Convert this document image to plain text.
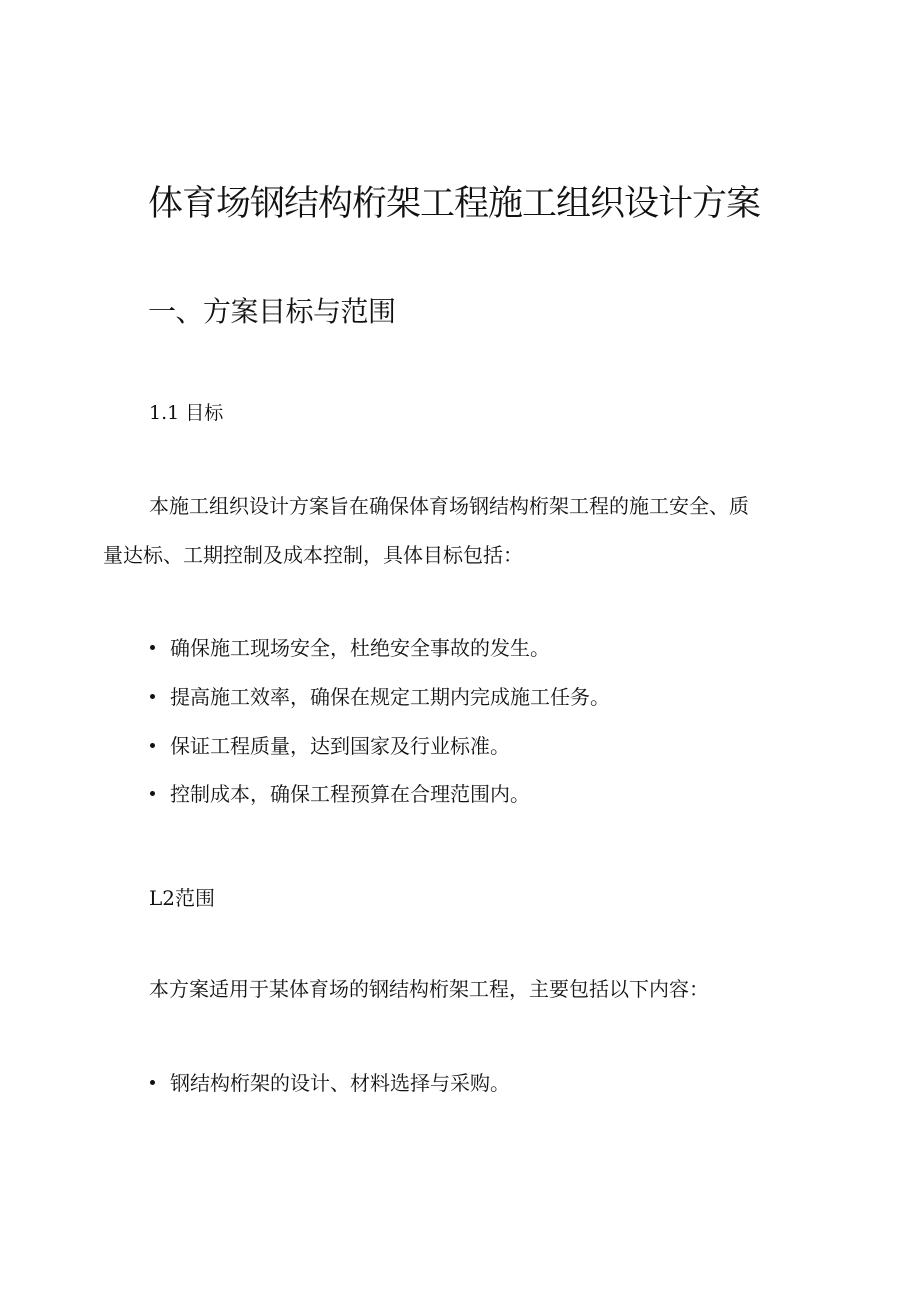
体育场钢结构桁架工程施工组织设计方案
一、方案目标与范围
1.1 目标

本施工组织设计方案旨在确保体育场钢结构桁架工程的施工安全、质

量达标、工期控制及成本控制，具体目标包括：

确保施工现场安全，杜绝安全事故的发生。
提高施工效率，确保在规定工期内完成施工任务。
保证工程质量，达到国家及行业标准。
控制成本，确保工程预算在合理范围内。
L2范围

本方案适用于某体育场的钢结构桁架工程，主要包括以下内容：

钢结构桁架的设计、材料选择与采购。
